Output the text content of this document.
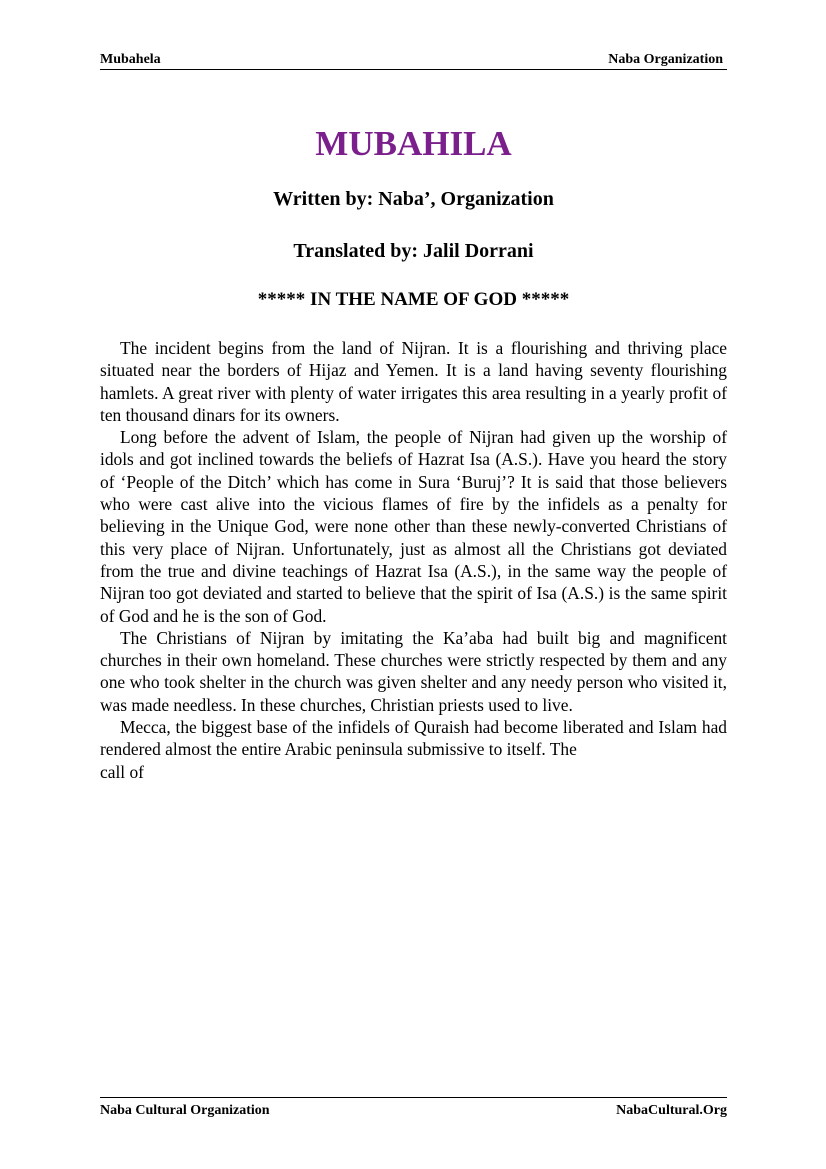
Mubahela	Naba Organization
MUBAHILA
Written by: Naba’, Organization
Translated by: Jalil Dorrani
***** IN THE NAME OF GOD *****

The incident begins from the land of Nijran. It is a flourishing and thriving place situated near the borders of Hijaz and Yemen. It is a land having seventy flourishing hamlets. A great river with plenty of water irrigates this area resulting in a yearly profit of ten thousand dinars for its owners.

Long before the advent of Islam, the people of Nijran had given up the worship of idols and got inclined towards the beliefs of Hazrat Isa (A.S.). Have you heard the story of ‘People of the Ditch’ which has come in Sura ‘Buruj’? It is said that those believers who were cast alive into the vicious flames of fire by the infidels as a penalty for believing in the Unique God, were none other than these newly-converted Christians of this very place of Nijran. Unfortunately, just as almost all the Christians got deviated from the true and divine teachings of Hazrat Isa (A.S.), in the same way the people of Nijran too got deviated and started to believe that the spirit of Isa (A.S.) is the same spirit of God and he is the son of God.

The Christians of Nijran by imitating the Ka’aba had built big and magnificent churches in their own homeland. These churches were strictly respected by them and any one who took shelter in the church was given shelter and any needy person who visited it, was made needless. In these churches, Christian priests used to live.

Mecca, the biggest base of the infidels of Quraish had become liberated and Islam had rendered almost the entire Arabic peninsula submissive to itself. The

call of

Naba Cultural Organization	NabaCultural.Org
